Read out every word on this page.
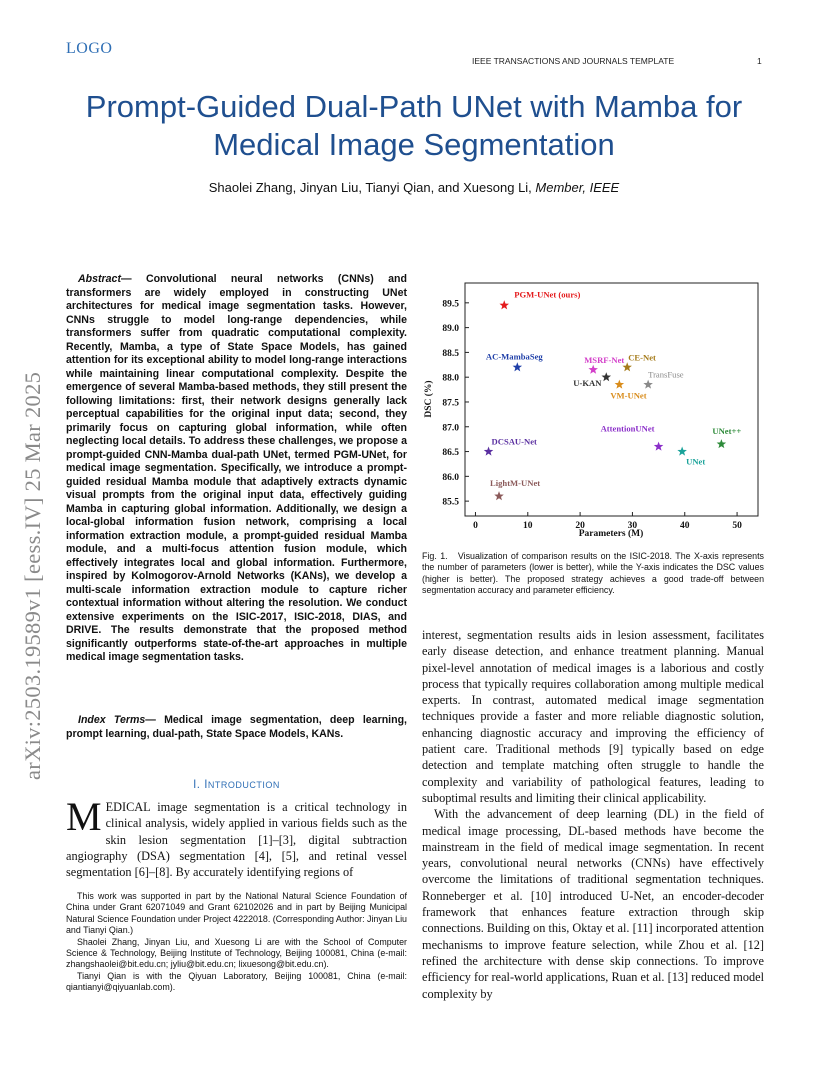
LOGO
IEEE TRANSACTIONS AND JOURNALS TEMPLATE	1
Prompt-Guided Dual-Path UNet with Mamba for Medical Image Segmentation
Shaolei Zhang, Jinyan Liu, Tianyi Qian, and Xuesong Li, Member, IEEE
arXiv:2503.19589v1 [eess.IV] 25 Mar 2025
Abstract— Convolutional neural networks (CNNs) and transformers are widely employed in constructing UNet architectures for medical image segmentation tasks. However, CNNs struggle to model long-range dependencies, while transformers suffer from quadratic computational complexity. Recently, Mamba, a type of State Space Models, has gained attention for its exceptional ability to model long-range interactions while maintaining linear computational complexity. Despite the emergence of several Mamba-based methods, they still present the following limitations: first, their network designs generally lack perceptual capabilities for the original input data; second, they primarily focus on capturing global information, while often neglecting local details. To address these challenges, we propose a prompt-guided CNN-Mamba dual-path UNet, termed PGM-UNet, for medical image segmentation. Specifically, we introduce a prompt-guided residual Mamba module that adaptively extracts dynamic visual prompts from the original input data, effectively guiding Mamba in capturing global information. Additionally, we design a local-global information fusion network, comprising a local information extraction module, a prompt-guided residual Mamba module, and a multi-focus attention fusion module, which effectively integrates local and global information. Furthermore, inspired by Kolmogorov-Arnold Networks (KANs), we develop a multi-scale information extraction module to capture richer contextual information without altering the resolution. We conduct extensive experiments on the ISIC-2017, ISIC-2018, DIAS, and DRIVE. The results demonstrate that the proposed method significantly outperforms state-of-the-art approaches in multiple medical image segmentation tasks.
Index Terms— Medical image segmentation, deep learning, prompt learning, dual-path, State Space Models, KANs.
I. INTRODUCTION
MEDICAL image segmentation is a critical technology in clinical analysis, widely applied in various fields such as the skin lesion segmentation [1]–[3], digital subtraction angiography (DSA) segmentation [4], [5], and retinal vessel segmentation [6]–[8]. By accurately identifying regions of

This work was supported in part by the National Natural Science Foundation of China under Grant 62071049 and Grant 62102026 and in part by Beijing Municipal Natural Science Foundation under Project 4222018. (Corresponding Author: Jinyan Liu and Tianyi Qian.)

Shaolei Zhang, Jinyan Liu, and Xuesong Li are with the School of Computer Science & Technology, Beijing Institute of Technology, Beijing 100081, China (e-mail: zhangshaolei@bit.edu.cn; jyliu@bit.edu.cn; lixuesong@bit.edu.cn).

Tianyi Qian is with the Qiyuan Laboratory, Beijing 100081, China (e-mail: qiantianyi@qiyuanlab.com).

85.5
86.0
86.5
87.0
87.5
88.0
88.5
89.0
89.5
0	10	20	30	40	50
PGM-UNet (ours)
AC-MambaSeg	MSRF-Net CE-Net
TransFuse
U-KAN
VM-UNet
AttentionUNet	UNet++
UNet
DCSAU-Net
LightM-UNet
Parameters (M)
DSC (%)
Fig. 1. Visualization of comparison results on the ISIC-2018. The X-axis represents the number of parameters (lower is better), while the Y-axis indicates the DSC values (higher is better). The proposed strategy achieves a good trade-off between segmentation accuracy and parameter efficiency.

interest, segmentation results aids in lesion assessment, facilitates early disease detection, and enhance treatment planning. Manual pixel-level annotation of medical images is a laborious and costly process that typically requires collaboration among multiple medical experts. In contrast, automated medical image segmentation techniques provide a faster and more reliable diagnostic solution, enhancing diagnostic accuracy and improving the efficiency of patient care. Traditional methods [9] typically based on edge detection and template matching often struggle to handle the complexity and variability of pathological features, leading to suboptimal results and limiting their clinical applicability.

With the advancement of deep learning (DL) in the field of medical image processing, DL-based methods have become the mainstream in the field of medical image segmentation. In recent years, convolutional neural networks (CNNs) have effectively overcome the limitations of traditional segmentation techniques. Ronneberger et al. [10] introduced U-Net, an encoder-decoder framework that enhances feature extraction through skip connections. Building on this, Oktay et al. [11] incorporated attention mechanisms to improve feature selection, while Zhou et al. [12] refined the architecture with dense skip connections. To improve efficiency for real-world applications, Ruan et al. [13] reduced model complexity by
